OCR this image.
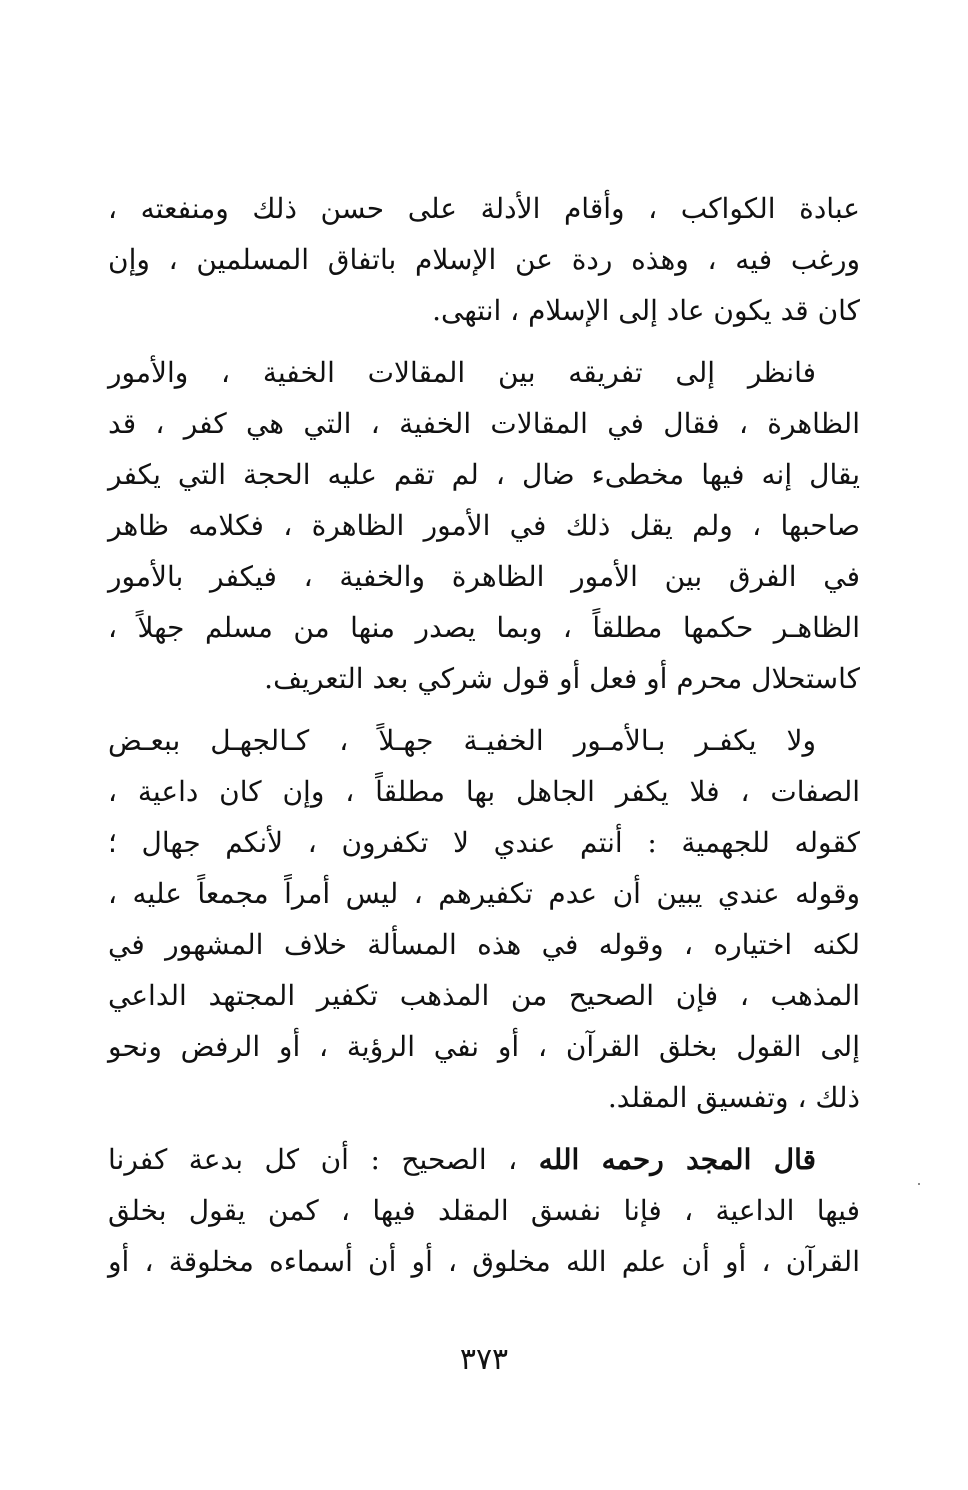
عبادة الكواكب ، وأقام الأدلة على حسن ذلك ومنفعته ،
ورغب فيه ، وهذه ردة عن الإسلام باتفاق المسلمين ، وإن
كان قد يكون عاد إلى الإسلام ، انتهى.
فانظر إلى تفريقه بين المقالات الخفية ، والأمور
الظاهرة ، فقال في المقالات الخفية ، التي هي كفر ، قد
يقال إنه فيها مخطىء ضال ، لم تقم عليه الحجة التي يكفر
صاحبها ، ولم يقل ذلك في الأمور الظاهرة ، فكلامه ظاهر
في الفرق بين الأمور الظاهرة والخفية ، فيكفر بالأمور
الظاهـر حكمها مطلقاً ، وبما يصدر منها من مسلم جهلاً ،
كاستحلال محرم أو فعل أو قول شركي بعد التعريف.
ولا يكفـر بـالأمـور الخفيـة جهـلاً ، كـالجهـل ببعـض
الصفات ، فلا يكفر الجاهل بها مطلقاً ، وإن كان داعية ،
كقوله للجهمية : أنتم عندي لا تكفرون ، لأنكم جهال ؛
وقوله عندي يبين أن عدم تكفيرهم ، ليس أمراً مجمعاً عليه ،
لكنه اختياره ، وقوله في هذه المسألة خلاف المشهور في
المذهب ، فإن الصحيح من المذهب تكفير المجتهد الداعي
إلى القول بخلق القرآن ، أو نفي الرؤية ، أو الرفض ونحو
ذلك ، وتفسيق المقلد.
قال المجد رحمه الله ، الصحيح : أن كل بدعة كفرنا
فيها الداعية ، فإنا نفسق المقلد فيها ، كمن يقول بخلق
القرآن ، أو أن علم الله مخلوق ، أو أن أسماءه مخلوقة ، أو
٣٧٣
